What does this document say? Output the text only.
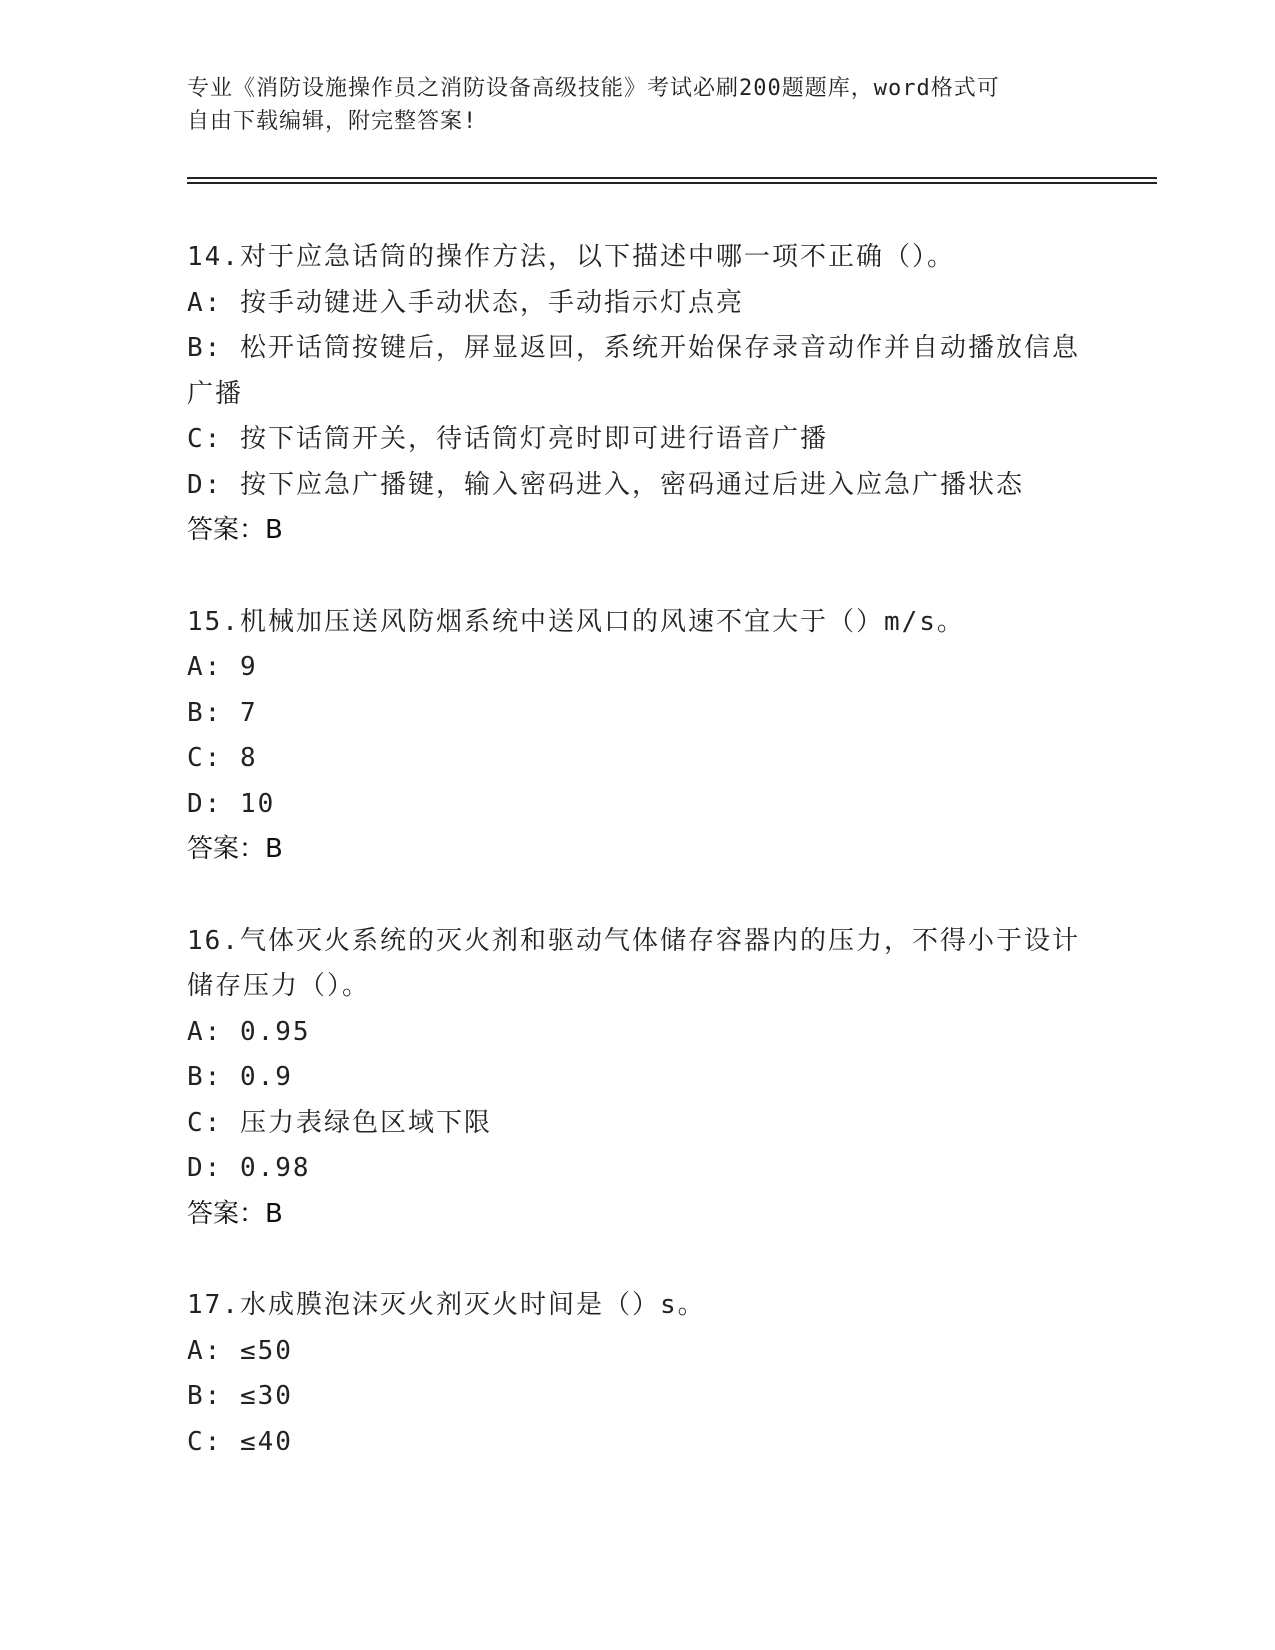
专业《消防设施操作员之消防设备高级技能》考试必刷200题题库，word格式可
自由下载编辑，附完整答案!
14.对于应急话筒的操作方法，以下描述中哪一项不正确（）。
A: 按手动键进入手动状态，手动指示灯点亮
B: 松开话筒按键后，屏显返回，系统开始保存录音动作并自动播放信息广播
C: 按下话筒开关，待话筒灯亮时即可进行语音广播
D: 按下应急广播键，输入密码进入，密码通过后进入应急广播状态
答案：B
15.机械加压送风防烟系统中送风口的风速不宜大于（）m/s。
A: 9
B: 7
C: 8
D: 10
答案：B
16.气体灭火系统的灭火剂和驱动气体储存容器内的压力，不得小于设计储存压力（）。
A: 0.95
B: 0.9
C: 压力表绿色区域下限
D: 0.98
答案：B
17.水成膜泡沫灭火剂灭火时间是（）s。
A: ≤50
B: ≤30
C: ≤40
